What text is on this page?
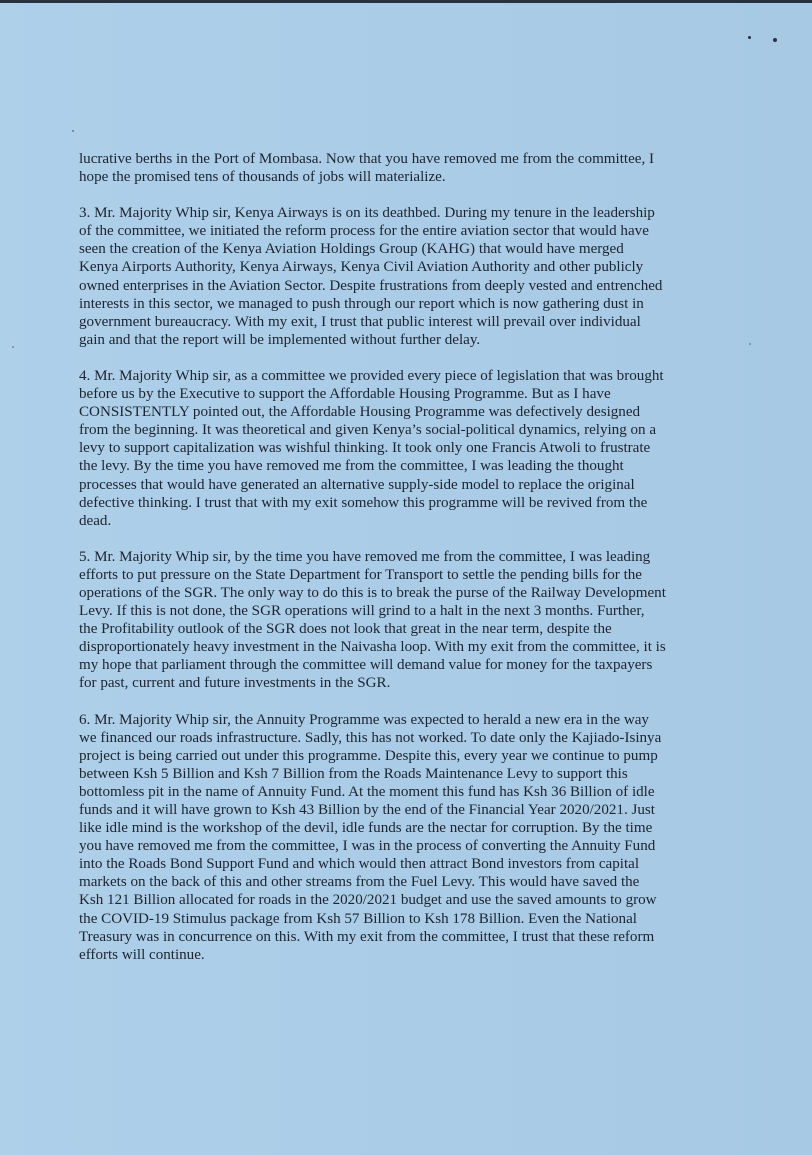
lucrative berths in the Port of Mombasa. Now that you have removed me from the committee, I
hope the promised tens of thousands of jobs will materialize.

3. Mr. Majority Whip sir, Kenya Airways is on its deathbed. During my tenure in the leadership
of the committee, we initiated the reform process for the entire aviation sector that would have
seen the creation of the Kenya Aviation Holdings Group (KAHG) that would have merged
Kenya Airports Authority, Kenya Airways, Kenya Civil Aviation Authority and other publicly
owned enterprises in the Aviation Sector. Despite frustrations from deeply vested and entrenched
interests in this sector, we managed to push through our report which is now gathering dust in
government bureaucracy. With my exit, I trust that public interest will prevail over individual
gain and that the report will be implemented without further delay.

4. Mr. Majority Whip sir, as a committee we provided every piece of legislation that was brought
before us by the Executive to support the Affordable Housing Programme. But as I have
CONSISTENTLY pointed out, the Affordable Housing Programme was defectively designed
from the beginning. It was theoretical and given Kenya’s social-political dynamics, relying on a
levy to support capitalization was wishful thinking. It took only one Francis Atwoli to frustrate
the levy. By the time you have removed me from the committee, I was leading the thought
processes that would have generated an alternative supply-side model to replace the original
defective thinking. I trust that with my exit somehow this programme will be revived from the
dead.

5. Mr. Majority Whip sir, by the time you have removed me from the committee, I was leading
efforts to put pressure on the State Department for Transport to settle the pending bills for the
operations of the SGR. The only way to do this is to break the purse of the Railway Development
Levy. If this is not done, the SGR operations will grind to a halt in the next 3 months. Further,
the Profitability outlook of the SGR does not look that great in the near term, despite the
disproportionately heavy investment in the Naivasha loop. With my exit from the committee, it is
my hope that parliament through the committee will demand value for money for the taxpayers
for past, current and future investments in the SGR.

6. Mr. Majority Whip sir, the Annuity Programme was expected to herald a new era in the way
we financed our roads infrastructure. Sadly, this has not worked. To date only the Kajiado-Isinya
project is being carried out under this programme. Despite this, every year we continue to pump
between Ksh 5 Billion and Ksh 7 Billion from the Roads Maintenance Levy to support this
bottomless pit in the name of Annuity Fund. At the moment this fund has Ksh 36 Billion of idle
funds and it will have grown to Ksh 43 Billion by the end of the Financial Year 2020/2021. Just
like idle mind is the workshop of the devil, idle funds are the nectar for corruption. By the time
you have removed me from the committee, I was in the process of converting the Annuity Fund
into the Roads Bond Support Fund and which would then attract Bond investors from capital
markets on the back of this and other streams from the Fuel Levy. This would have saved the
Ksh 121 Billion allocated for roads in the 2020/2021 budget and use the saved amounts to grow
the COVID-19 Stimulus package from Ksh 57 Billion to Ksh 178 Billion. Even the National
Treasury was in concurrence on this. With my exit from the committee, I trust that these reform
efforts will continue.
